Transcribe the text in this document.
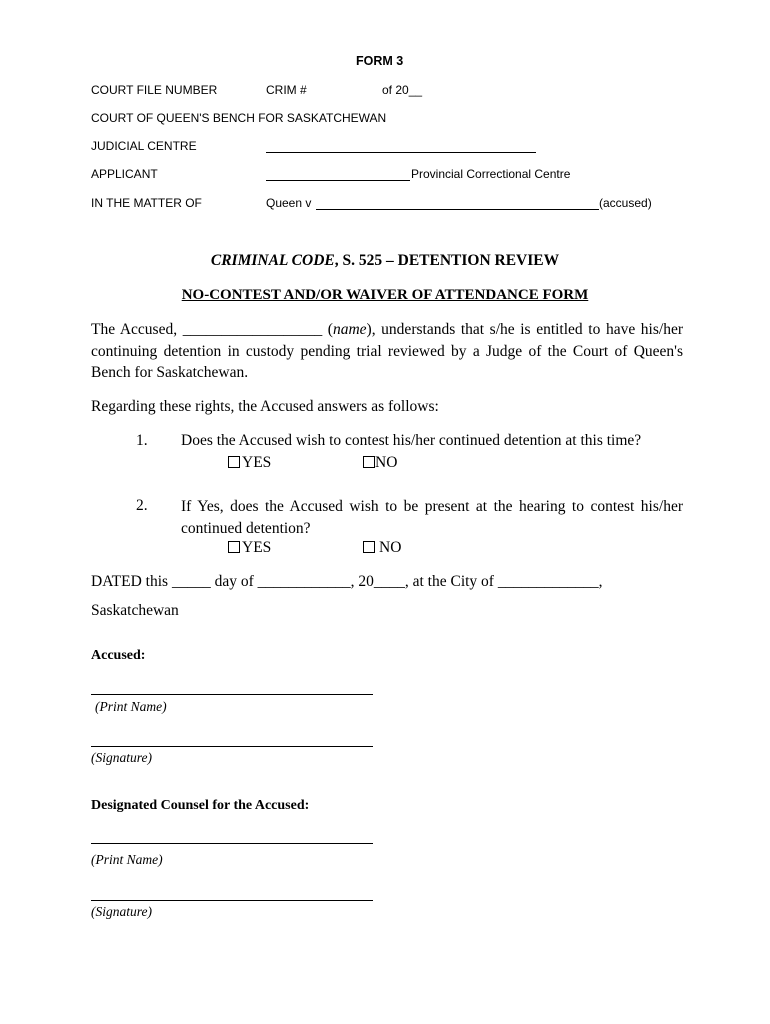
FORM 3
COURT FILE NUMBER	CRIM #	of 20__
COURT OF QUEEN'S BENCH FOR SASKATCHEWAN
JUDICIAL CENTRE
APPLICANT	Provincial Correctional Centre
IN THE MATTER OF	Queen v	(accused)
CRIMINAL CODE, S. 525 – DETENTION REVIEW
NO-CONTEST AND/OR WAIVER OF ATTENDANCE FORM
The Accused, __________________ (name), understands that s/he is entitled to have his/her continuing detention in custody pending trial reviewed by a Judge of the Court of Queen's Bench for Saskatchewan.
Regarding these rights, the Accused answers as follows:
1. Does the Accused wish to contest his/her continued detention at this time?
YES	NO
2. If Yes, does the Accused wish to be present at the hearing to contest his/her continued detention?
YES	NO
DATED this _____ day of ____________, 20____, at the City of _____________,
Saskatchewan
Accused:
(Print Name)
(Signature)
Designated Counsel for the Accused:
(Print Name)
(Signature)
